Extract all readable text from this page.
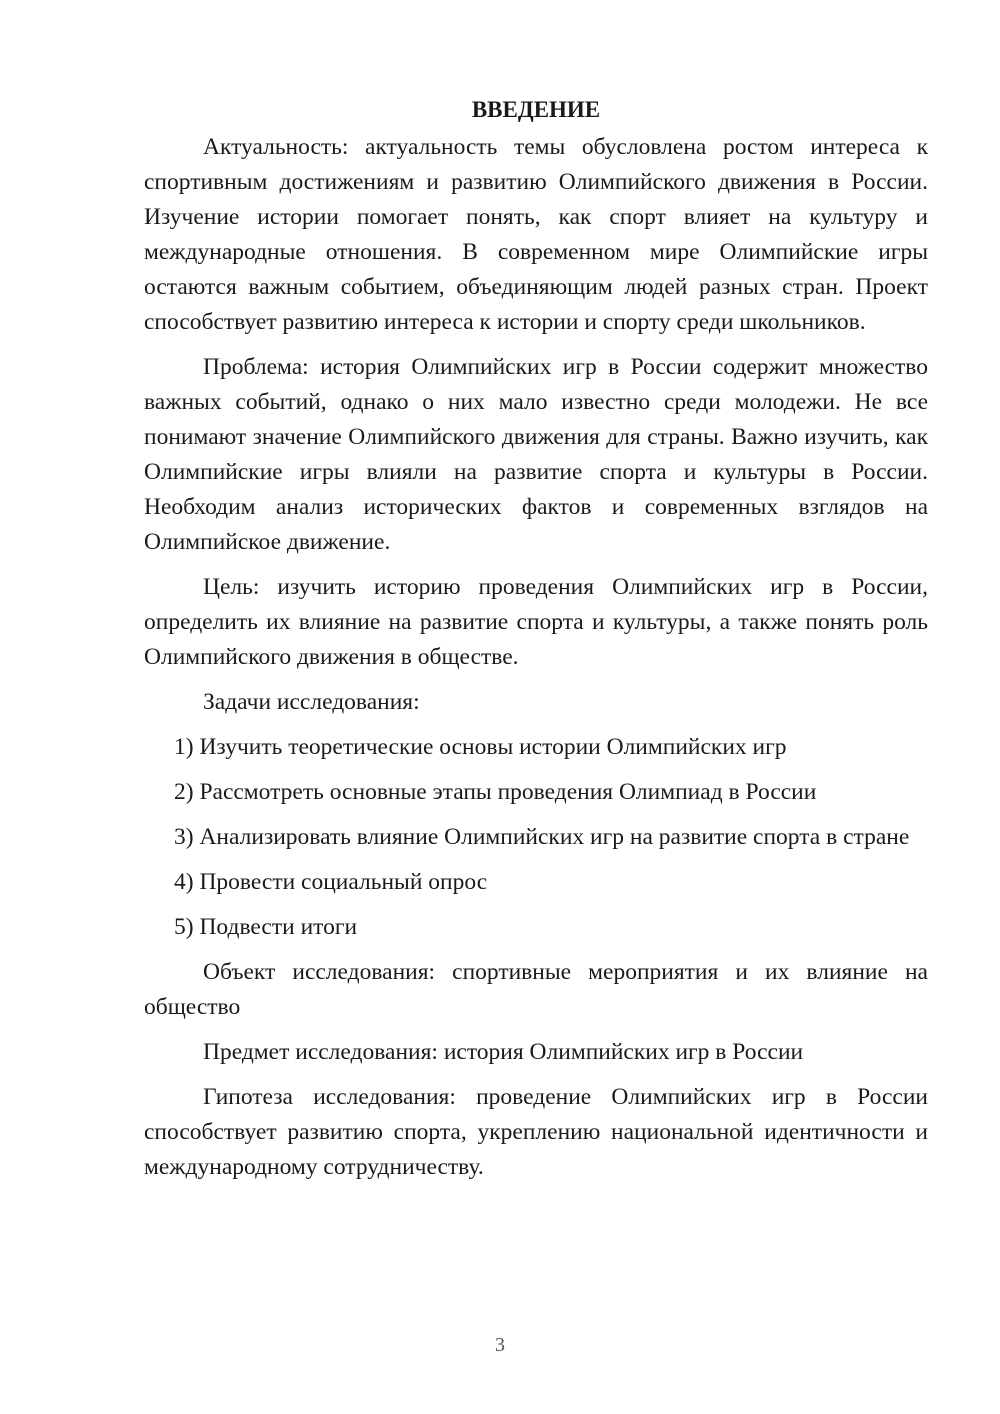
ВВЕДЕНИЕ

Актуальность: актуальность темы обусловлена ростом интереса к спортивным достижениям и развитию Олимпийского движения в России. Изучение истории помогает понять, как спорт влияет на культуру и международные отношения. В современном мире Олимпийские игры остаются важным событием, объединяющим людей разных стран. Проект способствует развитию интереса к истории и спорту среди школьников.

Проблема: история Олимпийских игр в России содержит множество важных событий, однако о них мало известно среди молодежи. Не все понимают значение Олимпийского движения для страны. Важно изучить, как Олимпийские игры влияли на развитие спорта и культуры в России. Необходим анализ исторических фактов и современных взглядов на Олимпийское движение.

Цель: изучить историю проведения Олимпийских игр в России, определить их влияние на развитие спорта и культуры, а также понять роль Олимпийского движения в обществе.

Задачи исследования:

1) Изучить теоретические основы истории Олимпийских игр

2) Рассмотреть основные этапы проведения Олимпиад в России

3) Анализировать влияние Олимпийских игр на развитие спорта в стране

4) Провести социальный опрос

5) Подвести итоги

Объект исследования: спортивные мероприятия и их влияние на общество

Предмет исследования: история Олимпийских игр в России

Гипотеза исследования: проведение Олимпийских игр в России способствует развитию спорта, укреплению национальной идентичности и международному сотрудничеству.

3
